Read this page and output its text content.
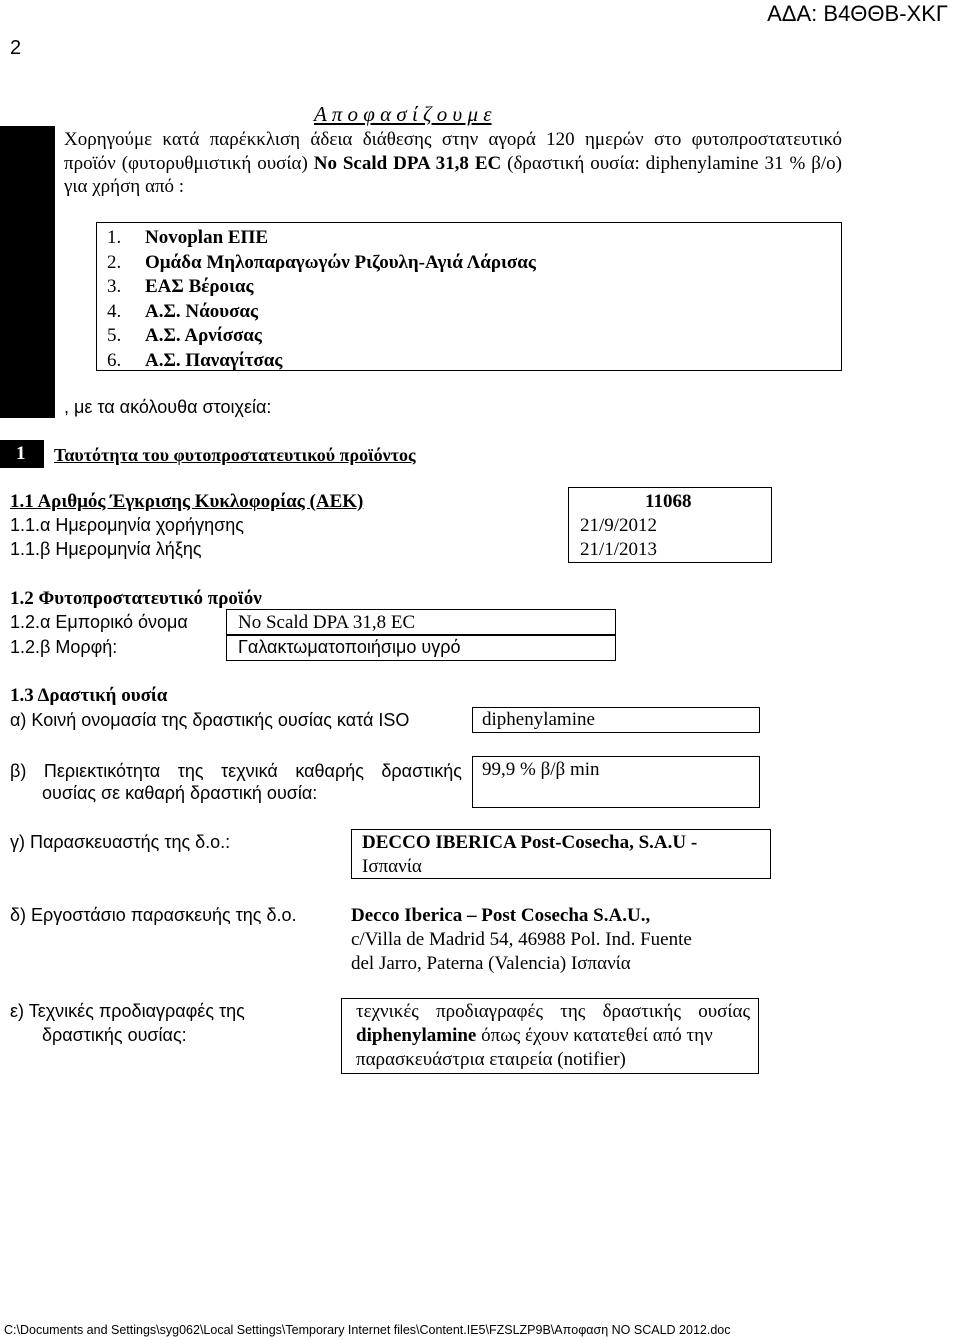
2
ΑΔΑ: Β4ΘΘΒ-ΧΚΓ
Α π ο φ α σ ί ζ ο υ μ ε
Α Χορηγούμε κατά παρέκκλιση άδεια διάθεσης στην αγορά 120 ημερών στο φυτοπροστατευτικό προϊόν (φυτορυθμιστική ουσία) No Scald DPA 31,8 EC (δραστική ουσία: diphenylamine 31 % β/ο) για χρήση από :
1.	Novoplan ΕΠΕ
2.	Ομάδα Μηλοπαραγωγών Ριζουλη-Αγιά Λάρισας
3.	ΕΑΣ Βέροιας
4.	Α.Σ. Νάουσας
5.	Α.Σ. Αρνίσσας
6.	Α.Σ. Παναγίτσας
, με τα ακόλουθα στοιχεία:
1 Ταυτότητα του φυτοπροστατευτικού προϊόντος
1.1 Αριθμός Έγκρισης Κυκλοφορίας (ΑΕΚ)	11068
1.1.α Ημερομηνία χορήγησης	21/9/2012
1.1.β Ημερομηνία λήξης	21/1/2013
1.2 Φυτοπροστατευτικό προϊόν
1.2.α Εμπορικό όνομα	No Scald DPA 31,8 EC
1.2.β Μορφή:	Γαλακτωματοποιήσιμο υγρό
1.3 Δραστική ουσία
α) Κοινή ονομασία της δραστικής ουσίας κατά ISO	diphenylamine
β) Περιεκτικότητα της τεχνικά καθαρής δραστικής
ουσίας σε καθαρή δραστική ουσία:
99,9 % β/β min
γ) Παρασκευαστής της δ.ο.:	DECCO IBERICA Post-Cosecha, S.A.U -
Ισπανία
δ) Εργοστάσιο παρασκευής της δ.ο.	Decco Iberica – Post Cosecha S.A.U.,
c/Villa de Madrid 54, 46988 Pol. Ind. Fuente
del Jarro, Paterna (Valencia) Ισπανία
ε) Τεχνικές προδιαγραφές της
δραστικής ουσίας:
τεχνικές προδιαγραφές της δραστικής ουσίας
diphenylamine όπως έχουν κατατεθεί από την
παρασκευάστρια εταιρεία (notifier)
C:\Documents and Settings\syg062\Local Settings\Temporary Internet files\Content.IE5\FZSLZP9B\Απoφαση NO SCALD 2012.doc
